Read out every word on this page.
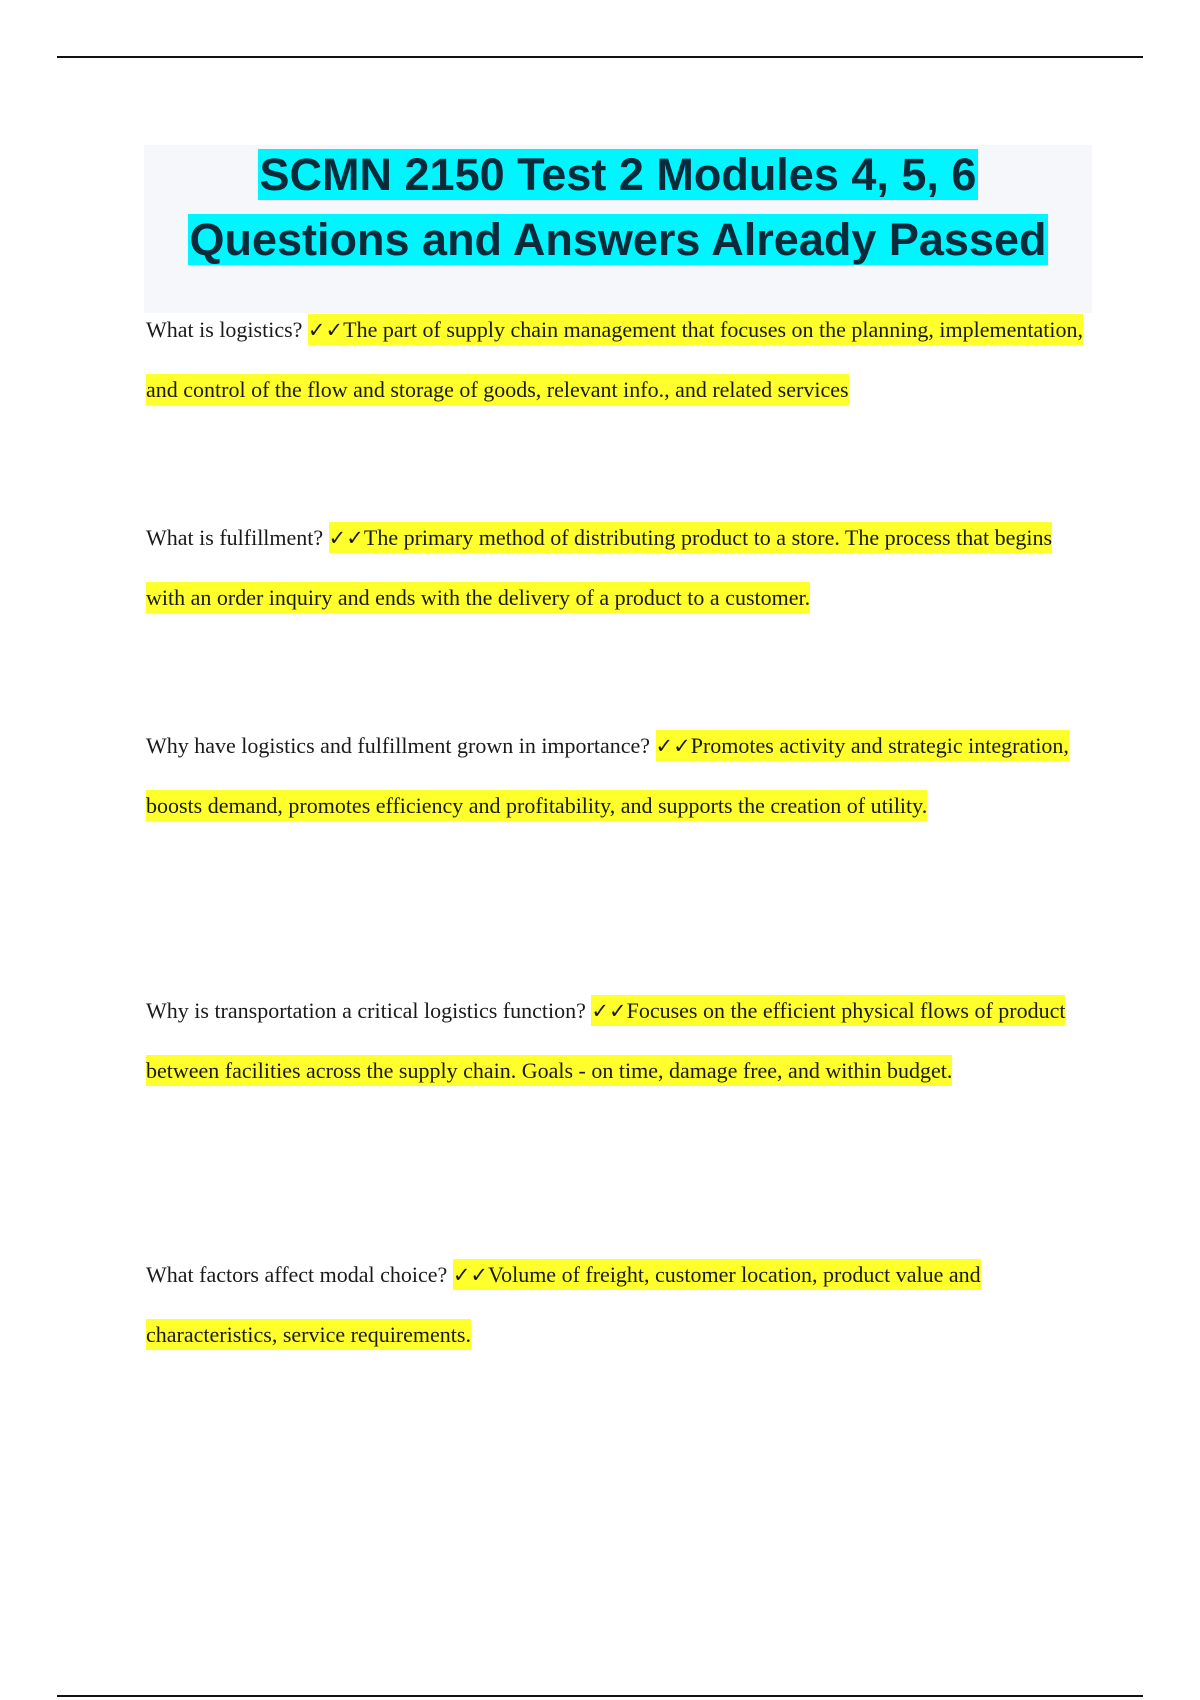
SCMN 2150 Test 2 Modules 4, 5, 6
Questions and Answers Already Passed
What is logistics? ✓✓The part of supply chain management that focuses on the planning, implementation, and control of the flow and storage of goods, relevant info., and related services
What is fulfillment? ✓✓The primary method of distributing product to a store. The process that begins with an order inquiry and ends with the delivery of a product to a customer.
Why have logistics and fulfillment grown in importance? ✓✓Promotes activity and strategic integration, boosts demand, promotes efficiency and profitability, and supports the creation of utility.
Why is transportation a critical logistics function? ✓✓Focuses on the efficient physical flows of product between facilities across the supply chain. Goals - on time, damage free, and within budget.
What factors affect modal choice? ✓✓Volume of freight, customer location, product value and characteristics, service requirements.
